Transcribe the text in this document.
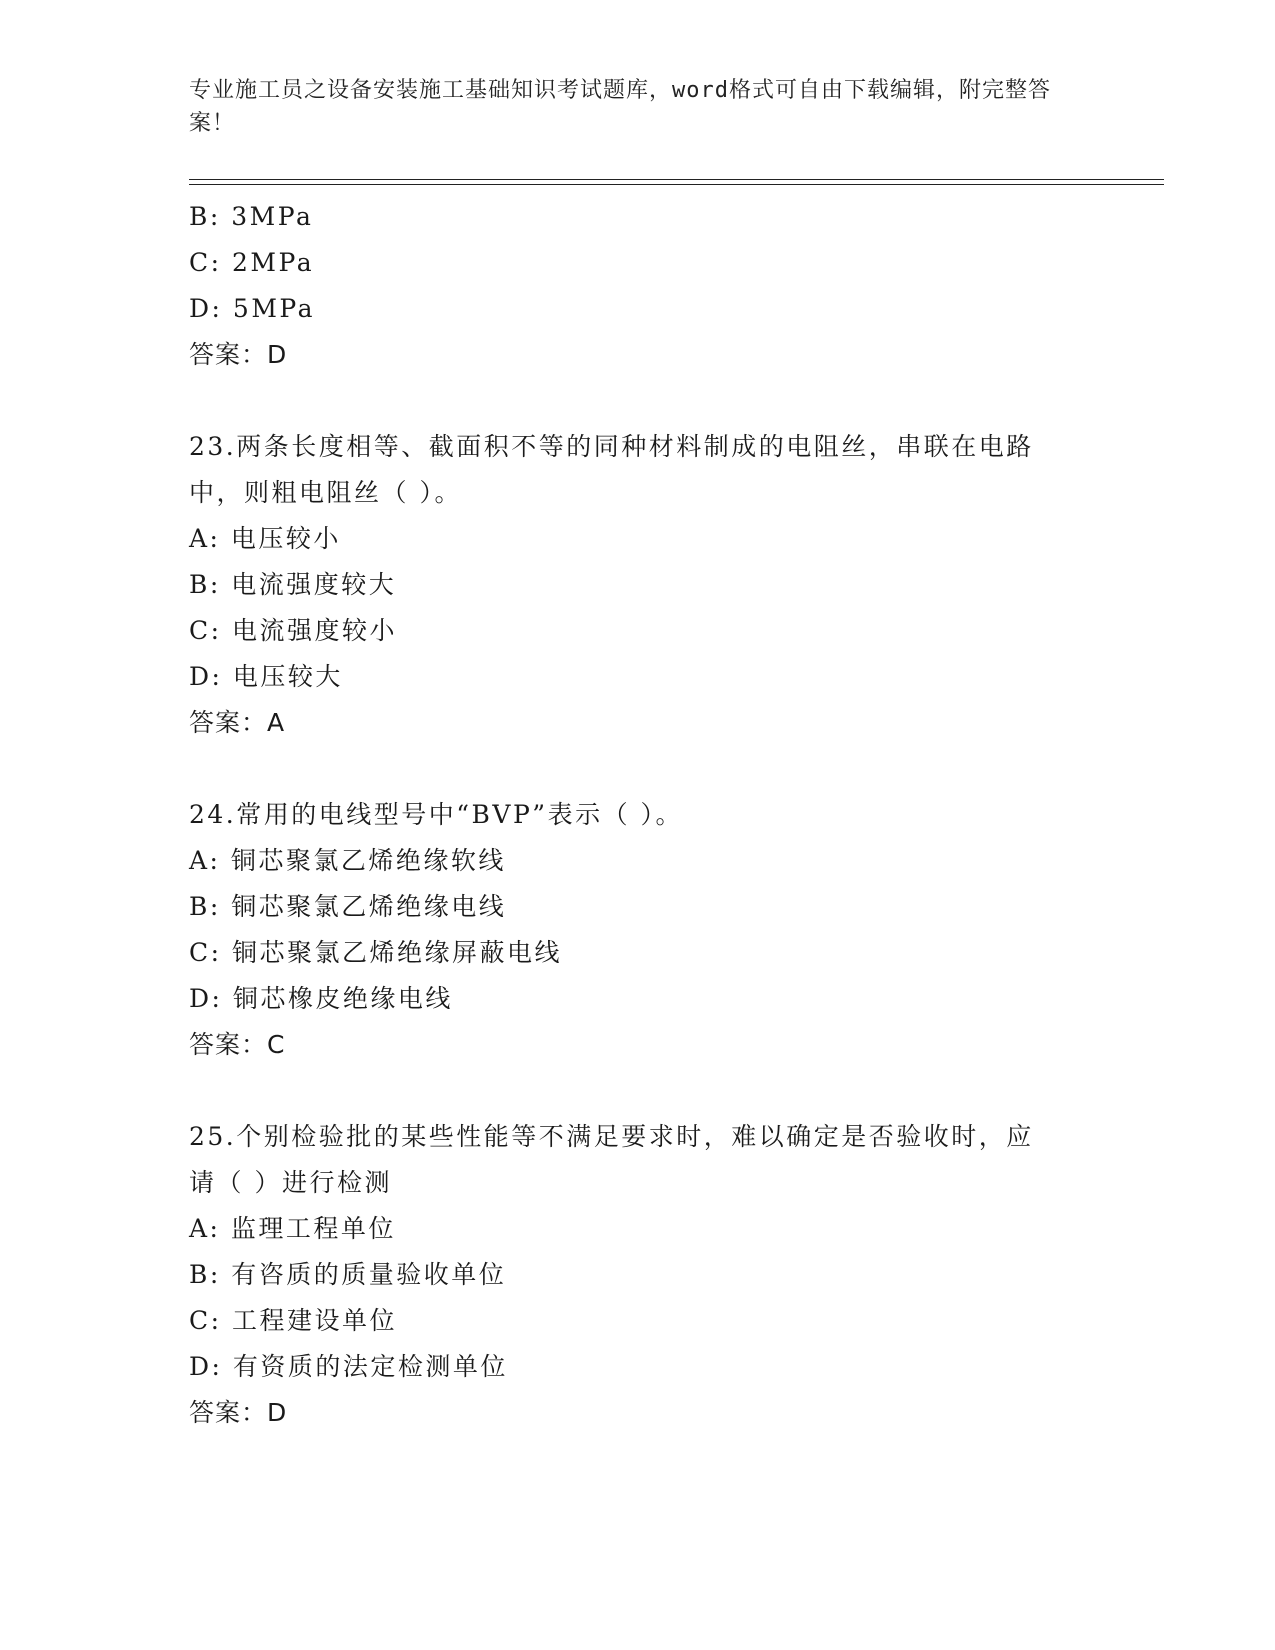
专业施工员之设备安装施工基础知识考试题库，word格式可自由下载编辑，附完整答案！
B: 3MPa
C: 2MPa
D: 5MPa
答案：D
23.两条长度相等、截面积不等的同种材料制成的电阻丝，串联在电路
中，则粗电阻丝（ ）。
A: 电压较小
B: 电流强度较大
C: 电流强度较小
D: 电压较大
答案：A
24.常用的电线型号中“BVP”表示（ ）。
A: 铜芯聚氯乙烯绝缘软线
B: 铜芯聚氯乙烯绝缘电线
C: 铜芯聚氯乙烯绝缘屏蔽电线
D: 铜芯橡皮绝缘电线
答案：C
25.个别检验批的某些性能等不满足要求时，难以确定是否验收时，应
请（ ）进行检测
A: 监理工程单位
B: 有咨质的质量验收单位
C: 工程建设单位
D: 有资质的法定检测单位
答案：D
